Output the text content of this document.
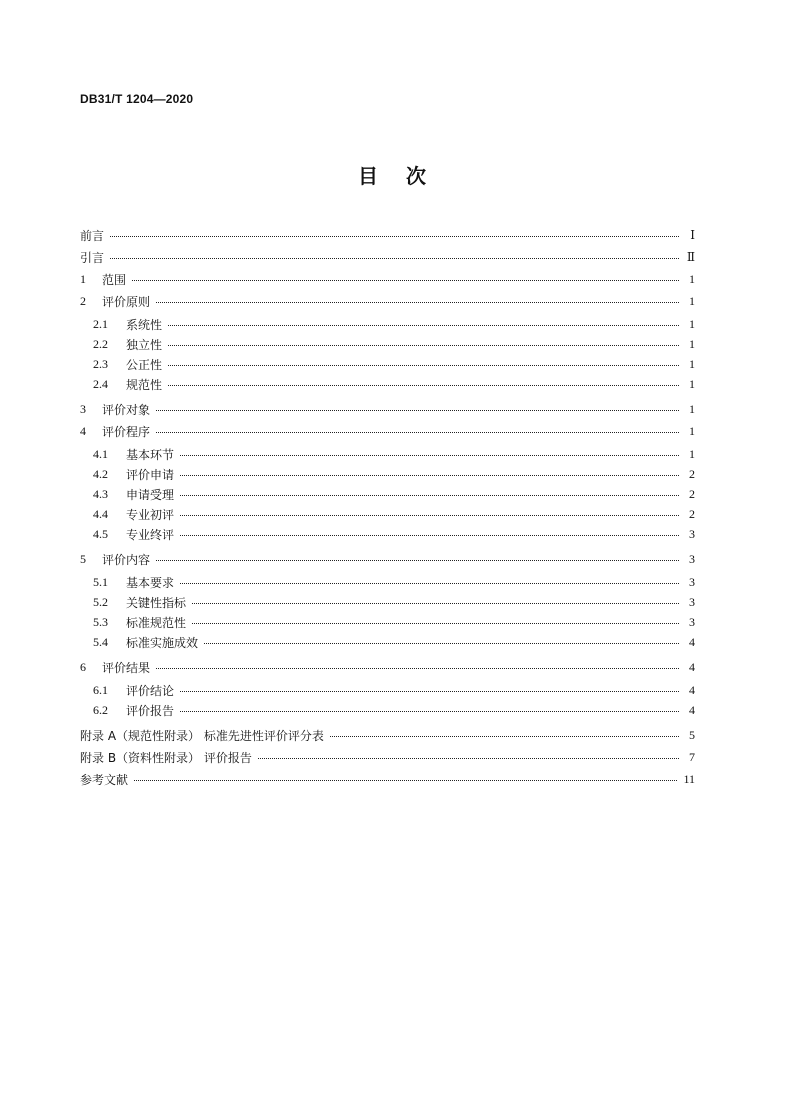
DB31/T 1204—2020
目次
前言	Ⅰ
引言	Ⅱ
1	范围	1
2	评价原则	1
2.1	系统性	1
2.2	独立性	1
2.3	公正性	1
2.4	规范性	1
3	评价对象	1
4	评价程序	1
4.1	基本环节	1
4.2	评价申请	2
4.3	申请受理	2
4.4	专业初评	2
4.5	专业终评	3
5	评价内容	3
5.1	基本要求	3
5.2	关键性指标	3
5.3	标准规范性	3
5.4	标准实施成效	4
6	评价结果	4
6.1	评价结论	4
6.2	评价报告	4
附录 A（规范性附录） 标准先进性评价评分表	5
附录 B（资料性附录） 评价报告	7
参考文献	11
